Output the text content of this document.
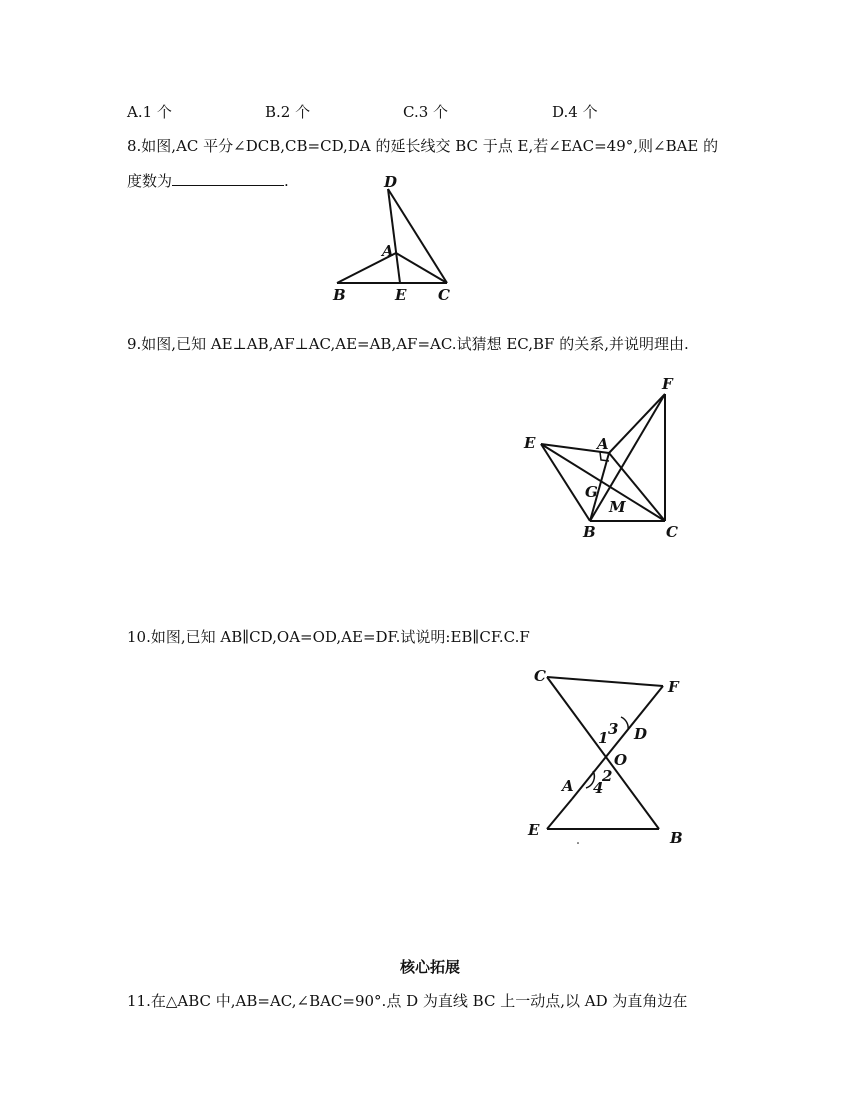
A.1 个	B.2 个	C.3 个	D.4 个
8.如图,AC 平分∠DCB,CB=CD,DA 的延长线交 BC 于点 E,若∠EAC=49°,则∠BAE 的
度数为	.	D
A
B	E C
9.如图,已知 AE⊥AB,AF⊥AC,AE=AB,AF=AC.试猜想 EC,BF 的关系,并说明理由.
F
E	A
G
M
B	C
10.如图,已知 AB∥CD,OA=OD,AE=DF.试说明:EB∥CF.C.F
C
F
1 3 D
O
2
A 4
E	B
核心拓展
11.在△ABC 中,AB=AC,∠BAC=90°.点 D 为直线 BC 上一动点,以 AD 为直角边在
